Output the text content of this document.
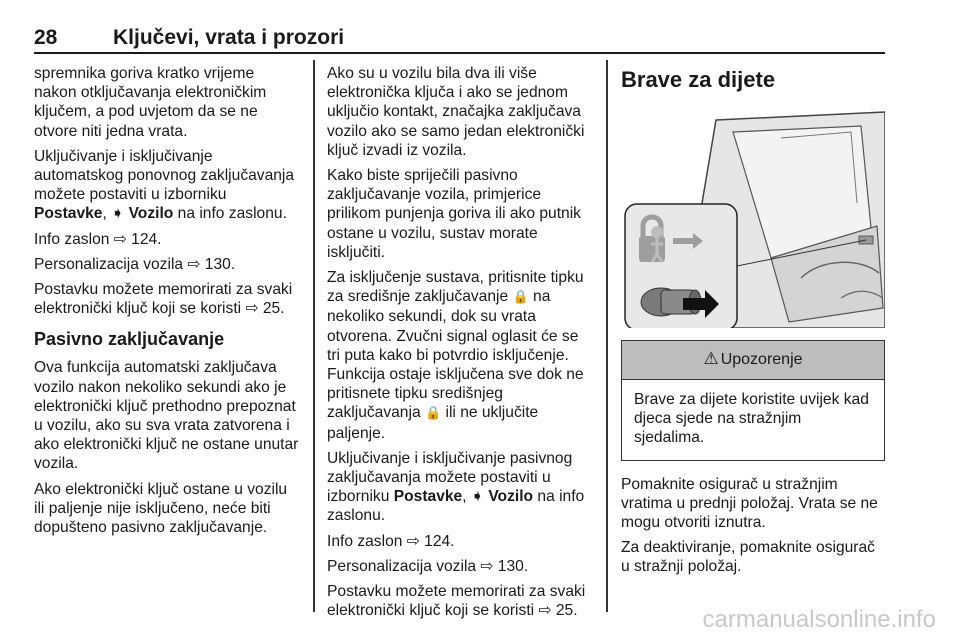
28	Ključevi, vrata i prozori

spremnika goriva kratko vrijeme nakon otključavanja elektroničkim ključem, a pod uvjetom da se ne otvore niti jedna vrata.

Uključivanje i isključivanje automatskog ponovnog zaključavanja možete postaviti u izborniku Postavke, ➧ Vozilo na info zaslonu.

Info zaslon ⇨ 124.

Personalizacija vozila ⇨ 130.

Postavku možete memorirati za svaki elektronički ključ koji se koristi ⇨ 25.

Pasivno zaključavanje

Ova funkcija automatski zaključava vozilo nakon nekoliko sekundi ako je elektronički ključ prethodno prepoznat u vozilu, ako su sva vrata zatvorena i ako elektronički ključ ne ostane unutar vozila.

Ako elektronički ključ ostane u vozilu ili paljenje nije isključeno, neće biti dopušteno pasivno zaključavanje.

Ako su u vozilu bila dva ili više elektronička ključa i ako se jednom uključio kontakt, značajka zaključava vozilo ako se samo jedan elektronički ključ izvadi iz vozila.

Kako biste spriječili pasivno zaključavanje vozila, primjerice prilikom punjenja goriva ili ako putnik ostane u vozilu, sustav morate isključiti.

Za isključenje sustava, pritisnite tipku za središnje zaključavanje 🔒 na nekoliko sekundi, dok su vrata otvorena. Zvučni signal oglasit će se tri puta kako bi potvrdio isključenje. Funkcija ostaje isključena sve dok ne pritisnete tipku središnjeg zaključavanja 🔒 ili ne uključite paljenje.

Uključivanje i isključivanje pasivnog zaključavanja možete postaviti u izborniku Postavke, ➧ Vozilo na info zaslonu.

Info zaslon ⇨ 124.

Personalizacija vozila ⇨ 130.

Postavku možete memorirati za svaki elektronički ključ koji se koristi ⇨ 25.

Brave za dijete
⚠ Upozorenje
Brave za dijete koristite uvijek kad djeca sjede na stražnjim sjedalima.

Pomaknite osigurač u stražnjim vratima u prednji položaj. Vrata se ne mogu otvoriti iznutra.

Za deaktiviranje, pomaknite osigurač u stražnji položaj.

carmanualsonline.info
